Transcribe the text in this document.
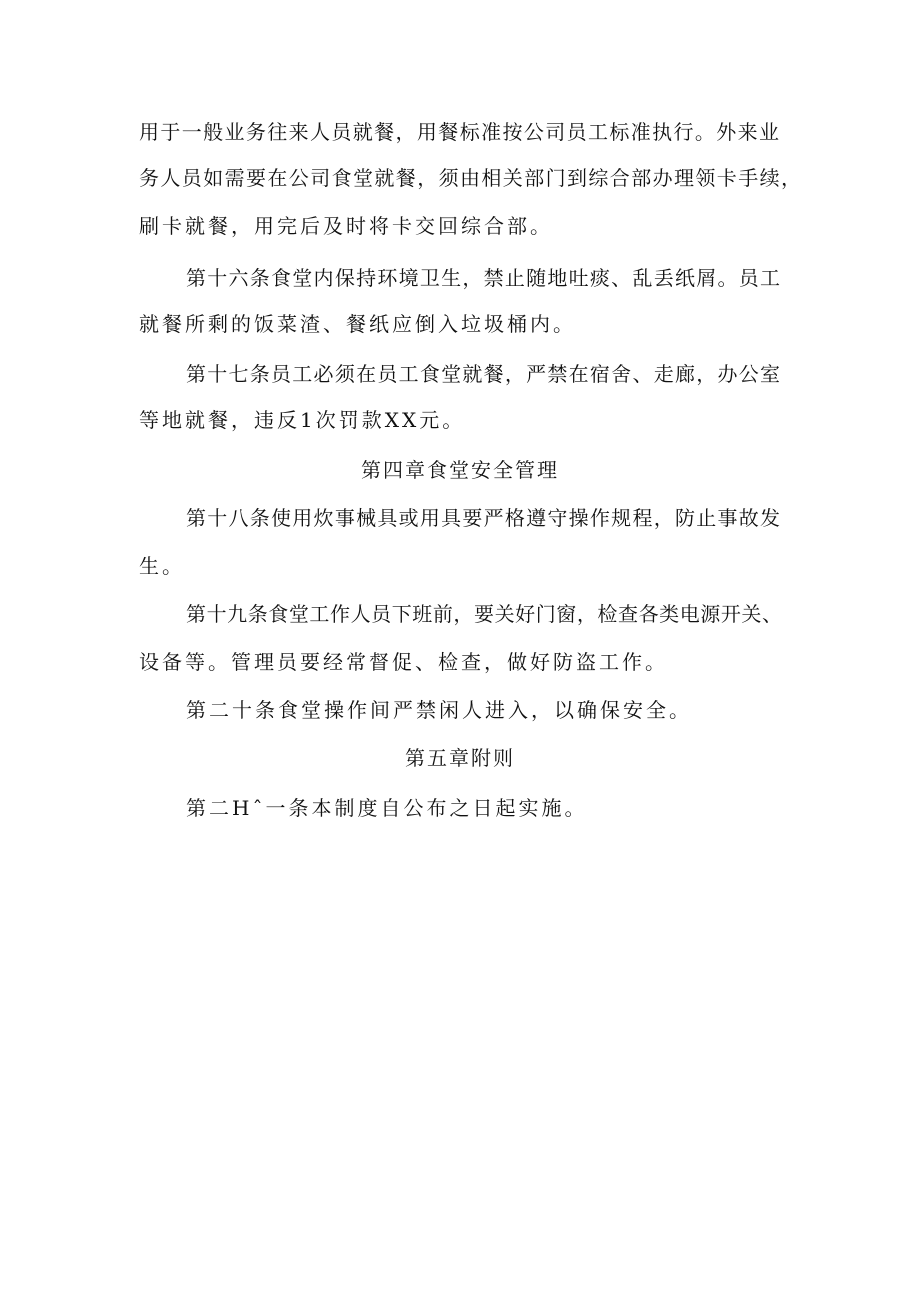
用于一般业务往来人员就餐，用餐标准按公司员工标准执行。外来业
务人员如需要在公司食堂就餐，须由相关部门到综合部办理领卡手续，
刷卡就餐，用完后及时将卡交回综合部。
第十六条食堂内保持环境卫生，禁止随地吐痰、乱丢纸屑。员工
就餐所剩的饭菜渣、餐纸应倒入垃圾桶内。
第十七条员工必须在员工食堂就餐，严禁在宿舍、走廊，办公室
等地就餐，违反1次罚款XX元。
第四章食堂安全管理
第十八条使用炊事械具或用具要严格遵守操作规程，防止事故发
生。
第十九条食堂工作人员下班前，要关好门窗，检查各类电源开关、
设备等。管理员要经常督促、检查，做好防盗工作。
第二十条食堂操作间严禁闲人进入，以确保安全。
第五章附则
第二Hˆ一条本制度自公布之日起实施。
